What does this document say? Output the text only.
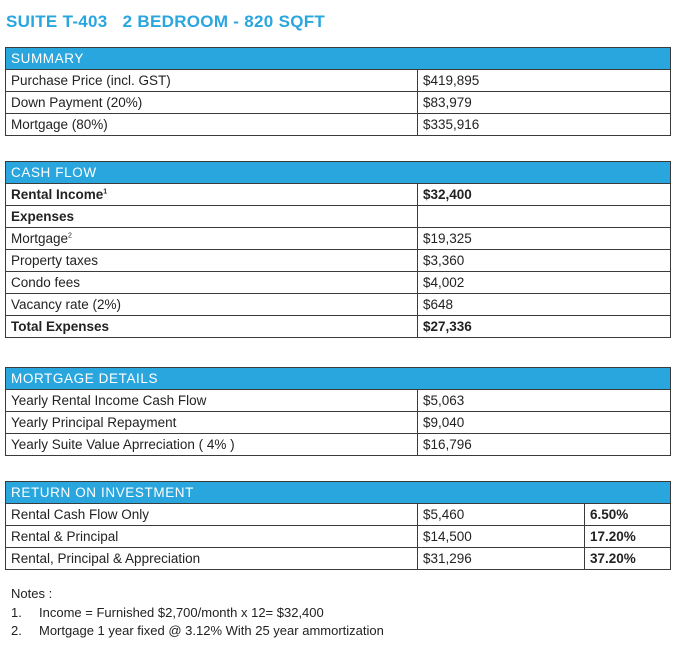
SUITE T-403   2 BEDROOM - 820 SQFT
SUMMARY	
Purchase Price (incl. GST)	$419,895
Down Payment (20%)	$83,979
Mortgage (80%)	$335,916
CASH FLOW	
Rental Income$^1$	$32,400
Expenses	
Mortgage$^2$	$19,325
Property taxes	$3,360
Condo fees	$4,002
Vacancy rate (2%)	$648
Total Expenses	$27,336
MORTGAGE DETAILS	
Yearly Rental Income Cash Flow	$5,063
Yearly Principal Repayment	$9,040
Yearly Suite Value Aprreciation ( 4% )	$16,796
RETURN ON INVESTMENT		
Rental Cash Flow Only	$5,460	6.50%
Rental & Principal	$14,500	17.20%
Rental, Principal & Appreciation	$31,296	37.20%
Notes :
1. Income = Furnished $2,700/month x 12= $32,400
2. Mortgage 1 year fixed @ 3.12% With 25 year ammortization
